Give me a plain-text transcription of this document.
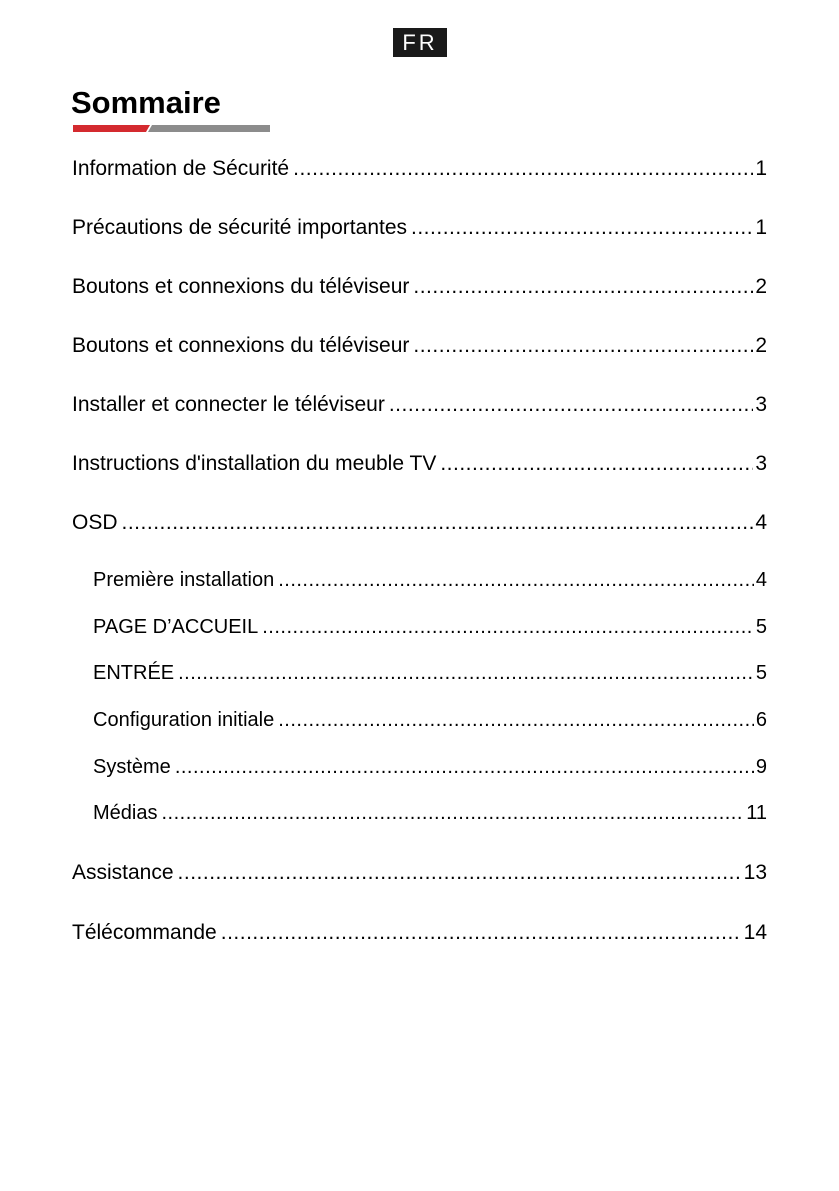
FR
Sommaire
Information de Sécurité .....	1
Précautions de sécurité importantes .....	1
Boutons et connexions du téléviseur .....	2
Boutons et connexions du téléviseur .....	2
Installer et connecter le téléviseur .....	3
Instructions d'installation du meuble TV .....	3
OSD .....	4
Première installation .....	4
PAGE D’ACCUEIL .....	5
ENTRÉE .....	5
Configuration initiale .....	6
Système .....	9
Médias .....	11
Assistance .....	13
Télécommande .....	14
